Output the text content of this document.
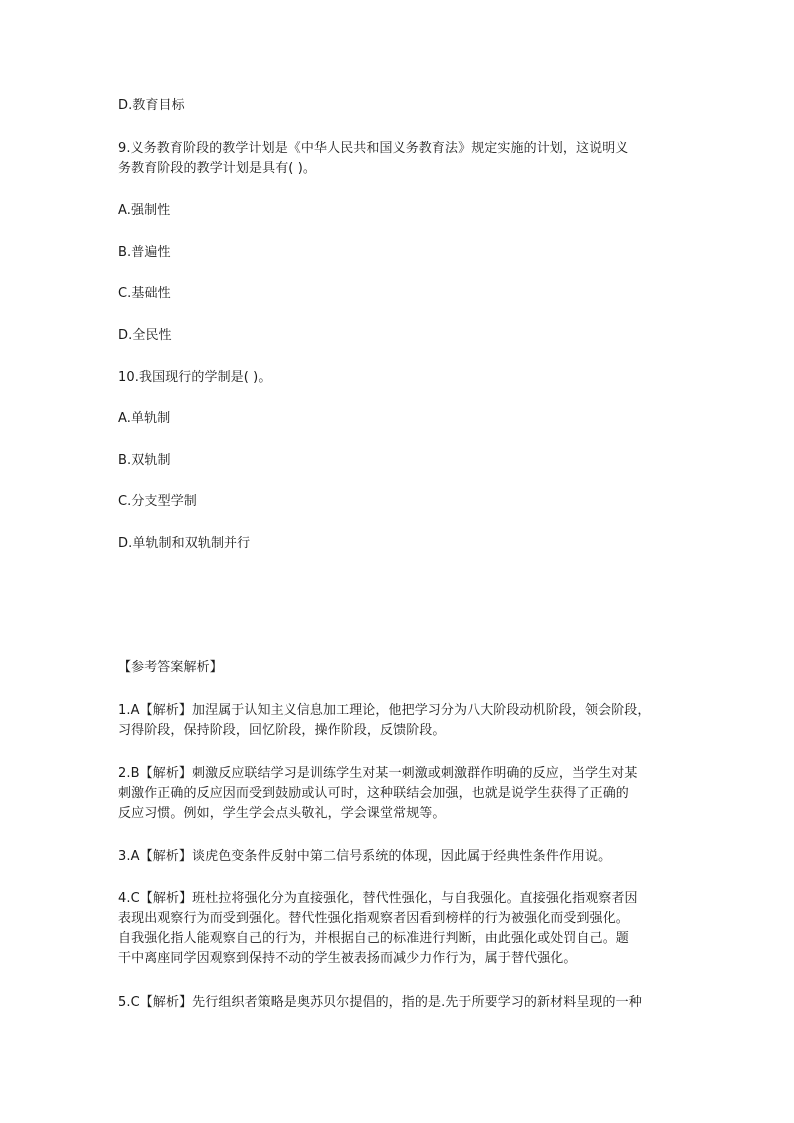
D.教育目标
9.义务教育阶段的教学计划是《中华人民共和国义务教育法》规定实施的计划，这说明义
务教育阶段的教学计划是具有( )。
A.强制性
B.普遍性
C.基础性
D.全民性
10.我国现行的学制是( )。
A.单轨制
B.双轨制
C.分支型学制
D.单轨制和双轨制并行
【参考答案解析】
1.A【解析】加涅属于认知主义信息加工理论，他把学习分为八大阶段动机阶段，领会阶段，
习得阶段，保持阶段，回忆阶段，操作阶段，反馈阶段。
2.B【解析】刺激反应联结学习是训练学生对某一刺激或刺激群作明确的反应，当学生对某
刺激作正确的反应因而受到鼓励或认可时，这种联结会加强，也就是说学生获得了正确的
反应习惯。例如，学生学会点头敬礼，学会课堂常规等。
3.A【解析】谈虎色变条件反射中第二信号系统的体现，因此属于经典性条件作用说。
4.C【解析】班杜拉将强化分为直接强化，替代性强化，与自我强化。直接强化指观察者因
表现出观察行为而受到强化。替代性强化指观察者因看到榜样的行为被强化而受到强化。
自我强化指人能观察自己的行为，并根据自己的标准进行判断，由此强化或处罚自己。题
干中离座同学因观察到保持不动的学生被表扬而减少力作行为，属于替代强化。
5.C【解析】先行组织者策略是奥苏贝尔提倡的，指的是.先于所要学习的新材料呈现的一种
